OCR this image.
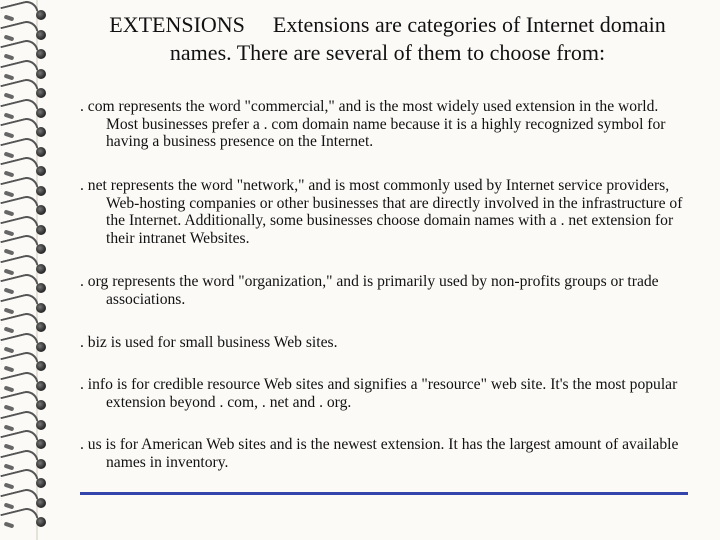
EXTENSIONS Extensions are categories of Internet domain names. There are several of them to choose from:

. com represents the word "commercial," and is the most widely used extension in the world. Most businesses prefer a . com domain name because it is a highly recognized symbol for having a business presence on the Internet.

. net represents the word "network," and is most commonly used by Internet service providers, Web-hosting companies or other businesses that are directly involved in the infrastructure of the Internet. Additionally, some businesses choose domain names with a . net extension for their intranet Websites.

. org represents the word "organization," and is primarily used by non-profits groups or trade associations.

. biz is used for small business Web sites.

. info is for credible resource Web sites and signifies a "resource" web site. It's the most popular extension beyond . com, . net and . org.

. us is for American Web sites and is the newest extension. It has the largest amount of available names in inventory.
